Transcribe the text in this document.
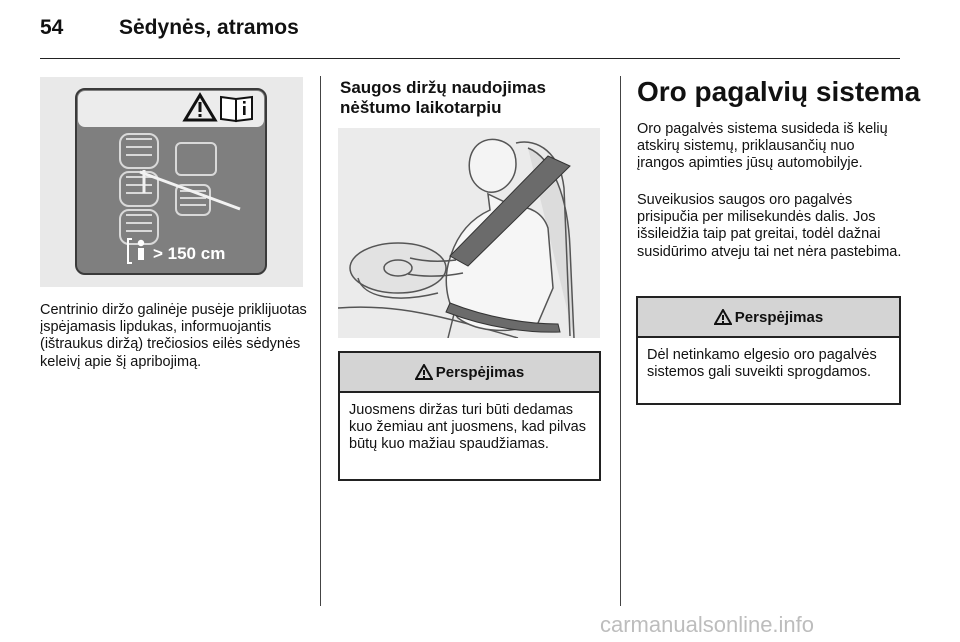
54	Sėdynės, atramos
> 150 cm

Centrinio diržo galinėje pusėje priklijuotas įspėjamasis lipdukas, informuojantis (ištraukus diržą) trečiosios eilės sėdynės keleivį apie šį apribojimą.

Saugos diržų naudojimas nėštumo laikotarpiu
Perspėjimas
Juosmens diržas turi būti dedamas kuo žemiau ant juosmens, kad pilvas būtų kuo mažiau spaudžiamas.
Oro pagalvių sistema

Oro pagalvės sistema susideda iš kelių atskirų sistemų, priklausančių nuo įrangos apimties jūsų automobilyje.

Suveikusios saugos oro pagalvės prisipučia per milisekundės dalis. Jos išsileidžia taip pat greitai, todėl dažnai susidūrimo atveju tai net nėra pastebima.

Perspėjimas
Dėl netinkamo elgesio oro pagalvės sistemos gali suveikti sprogdamos.
carmanualsonline.info
